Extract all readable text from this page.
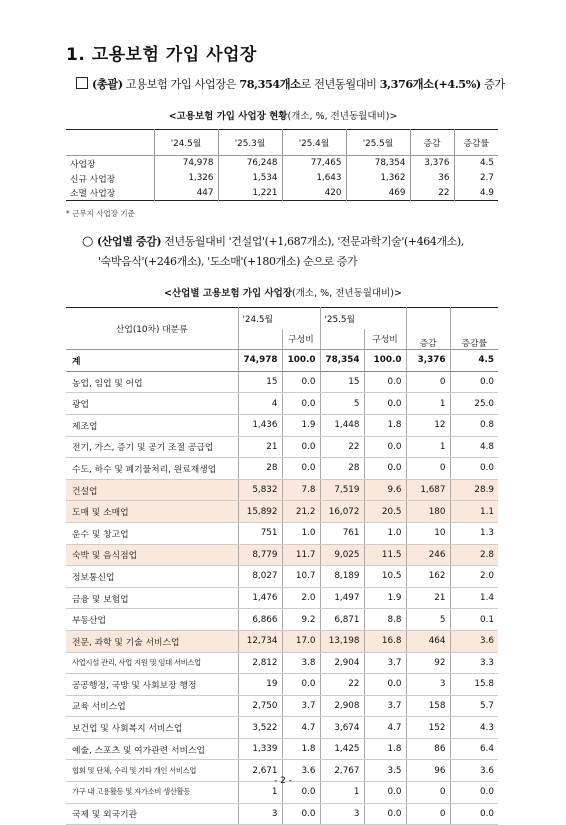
1. 고용보험 가입 사업장
(총괄) 고용보험 가입 사업장은 78,354개소로 전년동월대비 3,376개소(+4.5%) 증가
<고용보험 가입 사업장 현황(개소, %, 전년동월대비)>
	'24.5월	'25.3월	'25.4월	'25.5월	증감	증감률
사업장	74,978	76,248	77,465	78,354	3,376	4.5
신규 사업장	1,326	1,534	1,643	1,362	36	2.7
소멸 사업장	447	1,221	420	469	22	4.9
* 근무지 사업장 기준
○ (산업별 증감) 전년동월대비 '건설업'(+1,687개소), '전문과학기술'(+464개소),
'숙박음식'(+246개소), '도소매'(+180개소) 순으로 증가
<산업별 고용보험 가입 사업장(개소, %, 전년동월대비)>
산업(10차) 대분류	'24.5월		'25.5월		증감	증감률
		구성비		구성비		
계	74,978	100.0	78,354	100.0	3,376	4.5
농업, 임업 및 어업	15	0.0	15	0.0	0	0.0
광업	4	0.0	5	0.0	1	25.0
제조업	1,436	1.9	1,448	1.8	12	0.8
전기, 가스, 증기 및 공기 조절 공급업	21	0.0	22	0.0	1	4.8
수도, 하수 및 폐기물처리, 원료재생업	28	0.0	28	0.0	0	0.0
건설업	5,832	7.8	7,519	9.6	1,687	28.9
도매 및 소매업	15,892	21.2	16,072	20.5	180	1.1
운수 및 창고업	751	1.0	761	1.0	10	1.3
숙박 및 음식점업	8,779	11.7	9,025	11.5	246	2.8
정보통신업	8,027	10.7	8,189	10.5	162	2.0
금융 및 보험업	1,476	2.0	1,497	1.9	21	1.4
부동산업	6,866	9.2	6,871	8.8	5	0.1
전문, 과학 및 기술 서비스업	12,734	17.0	13,198	16.8	464	3.6
사업시설 관리, 사업 지원 및 임대 서비스업	2,812	3.8	2,904	3.7	92	3.3
공공행정, 국방 및 사회보장 행정	19	0.0	22	0.0	3	15.8
교육 서비스업	2,750	3.7	2,908	3.7	158	5.7
보건업 및 사회복지 서비스업	3,522	4.7	3,674	4.7	152	4.3
예술, 스포츠 및 여가관련 서비스업	1,339	1.8	1,425	1.8	86	6.4
협회 및 단체, 수리 및 기타 개인 서비스업	2,671	3.6	2,767	3.5	96	3.6
가구 내 고용활동 및 자가소비 생산활동	1	0.0	1	0.0	0	0.0
국제 및 외국기관	3	0.0	3	0.0	0	0.0
- 2 -
